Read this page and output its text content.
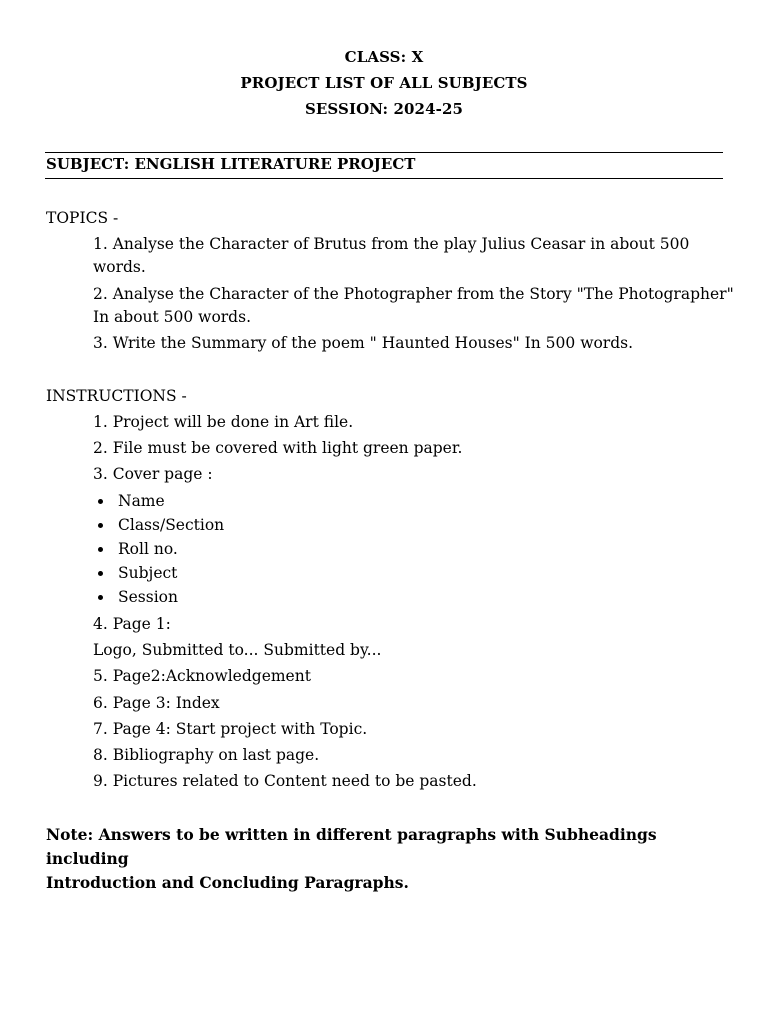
CLASS: X
PROJECT LIST OF ALL SUBJECTS
SESSION: 2024-25
SUBJECT: ENGLISH LITERATURE PROJECT
TOPICS -
1. Analyse the Character of Brutus from the play Julius Ceasar in about 500
words.
2. Analyse the Character of the Photographer from the Story "The Photographer"
In about 500 words.
3. Write the Summary of the poem " Haunted Houses" In 500 words.
INSTRUCTIONS -
1. Project will be done in Art file.
2. File must be covered with light green paper.
3. Cover page :
Name
Class/Section
Roll no.
Subject
Session
4. Page 1:
Logo, Submitted to... Submitted by...
5. Page2:Acknowledgement
6. Page 3: Index
7. Page 4: Start project with Topic.
8. Bibliography on last page.
9. Pictures related to Content need to be pasted.
Note: Answers to be written in different paragraphs with Subheadings including
Introduction and Concluding Paragraphs.
